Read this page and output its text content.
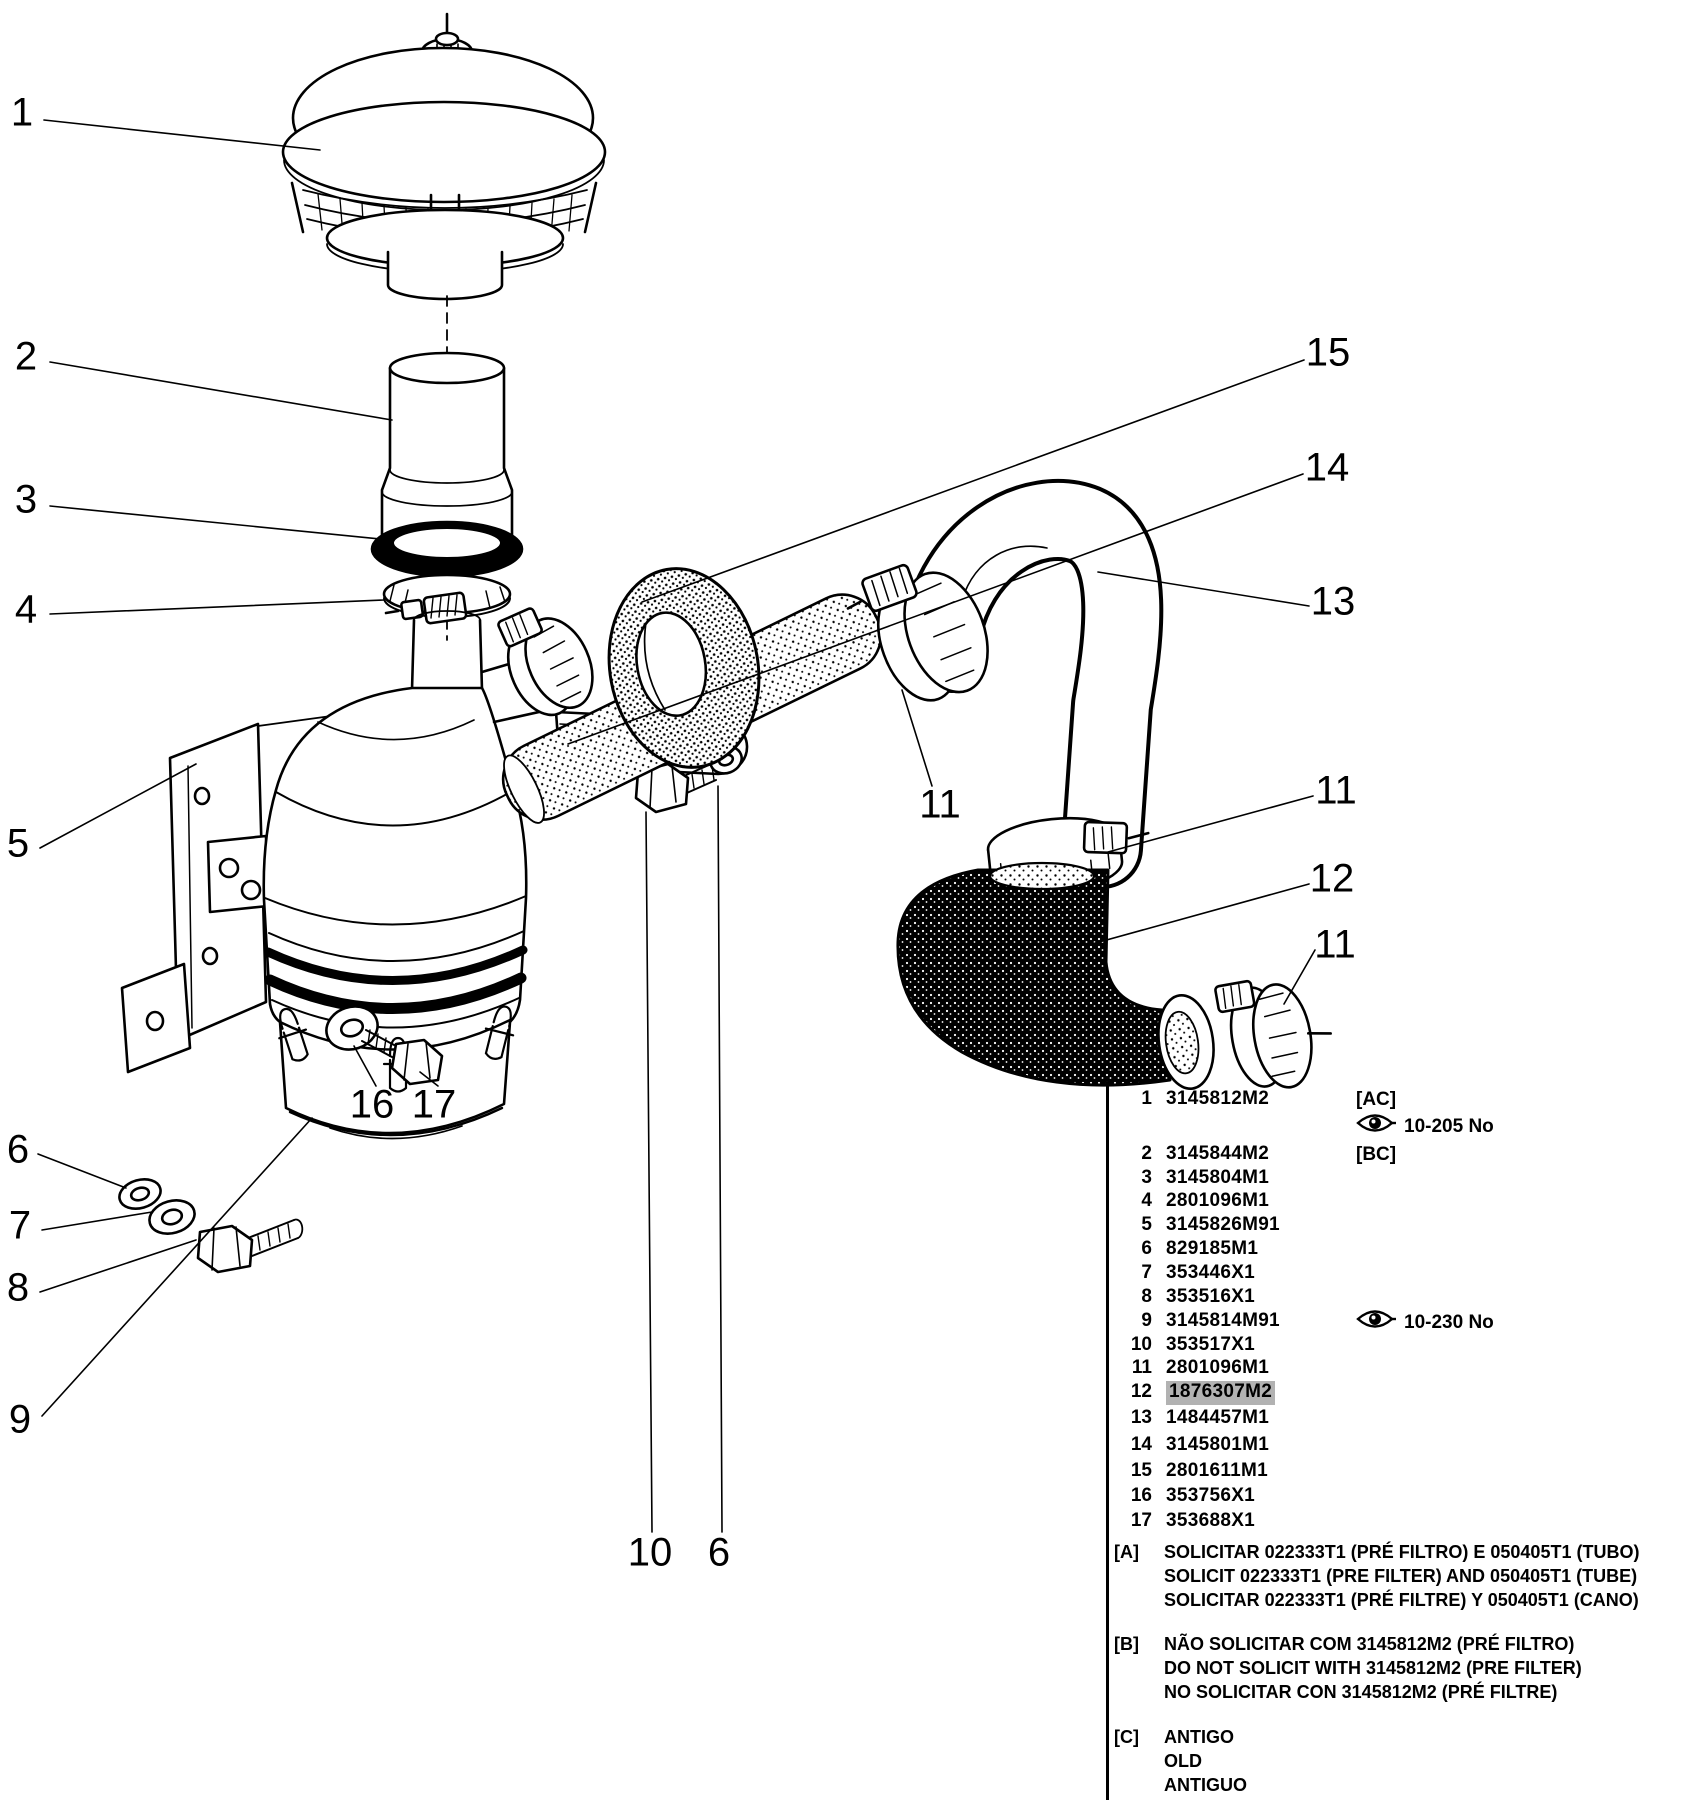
1
2
3
4
5
6
7
8
9
16 17
10 6
11
15
14
13
11
12
11
1 3145812M2
2 3145844M2
3 3145804M1
4 2801096M1
5 3145826M91
6 829185M1
7 353446X1
8 353516X1
9 3145814M91
10 353517X1
11 2801096M1
12 1876307M2
13 1484457M1
14 3145801M1
15 2801611M1
16 353756X1
17 353688X1
[AC]
10-205 No
[BC]
10-230 No
[A] SOLICITAR 022333T1 (PRÉ FILTRO) E 050405T1 (TUBO)
SOLICIT 022333T1 (PRE FILTER) AND 050405T1 (TUBE)
SOLICITAR 022333T1 (PRÉ FILTRE) Y 050405T1 (CANO)
[B] NÃO SOLICITAR COM 3145812M2 (PRÉ FILTRO)
DO NOT SOLICIT WITH 3145812M2 (PRE FILTER)
NO SOLICITAR CON 3145812M2 (PRÉ FILTRE)
[C] ANTIGO
OLD
ANTIGUO
